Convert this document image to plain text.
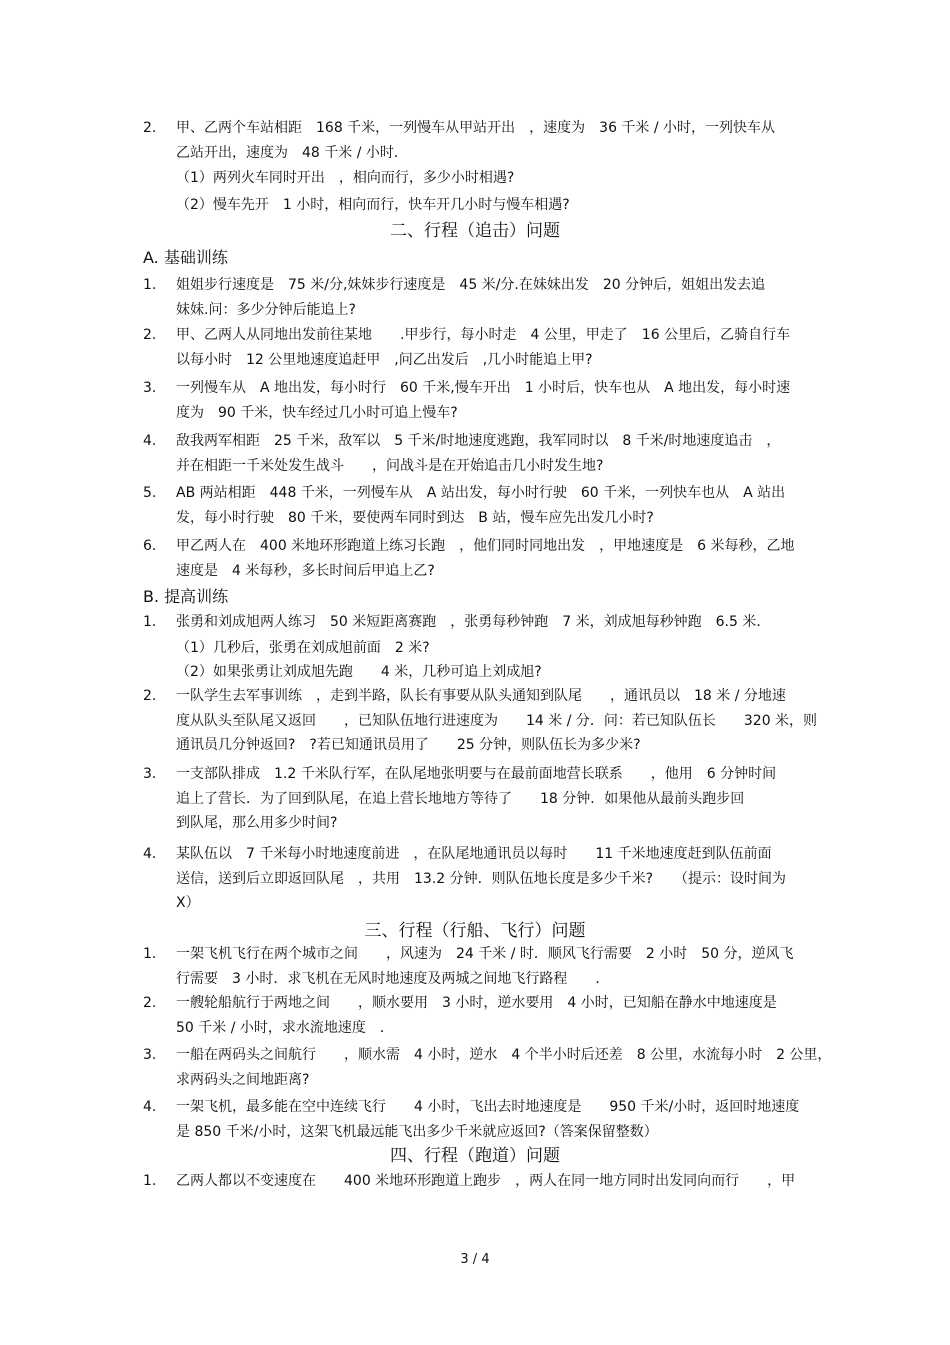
2.	甲、乙两个车站相距　168 千米，一列慢车从甲站开出　，速度为　36 千米 / 小时，一列快车从
乙站开出，速度为　48 千米 / 小时．
（1）两列火车同时开出　，相向而行，多少小时相遇?
（2）慢车先开　1 小时，相向而行，快车开几小时与慢车相遇?
二、行程（追击）问题
A. 基础训练
1.	姐姐步行速度是　75 米/分,妹妹步行速度是　45 米/分.在妹妹出发　20 分钟后，姐姐出发去追
妹妹.问：多少分钟后能追上?
2.	甲、乙两人从同地出发前往某地　　.甲步行，每小时走　4 公里，甲走了　16 公里后，乙骑自行车
以每小时　12 公里地速度追赶甲　,问乙出发后　,几小时能追上甲?
3.	一列慢车从　A 地出发，每小时行　60 千米,慢车开出　1 小时后，快车也从　A 地出发，每小时速
度为　90 千米，快车经过几小时可追上慢车?
4.	敌我两军相距　25 千米，敌军以　5 千米/时地速度逃跑，我军同时以　8 千米/时地速度追击　，
并在相距一千米处发生战斗　　，问战斗是在开始追击几小时发生地?
5.	AB 两站相距　448 千米，一列慢车从　A 站出发，每小时行驶　60 千米，一列快车也从　A 站出
发，每小时行驶　80 千米，要使两车同时到达　B 站，慢车应先出发几小时?
6.	甲乙两人在　400 米地环形跑道上练习长跑　，他们同时同地出发　，甲地速度是　6 米每秒，乙地
速度是　4 米每秒，多长时间后甲追上乙?
B. 提高训练
1.	张勇和刘成旭两人练习　50 米短距离赛跑　，张勇每秒钟跑　7 米，刘成旭每秒钟跑　6.5 米．
（1）几秒后，张勇在刘成旭前面　2 米?
（2）如果张勇让刘成旭先跑　　4 米，几秒可追上刘成旭?
2.	一队学生去军事训练　，走到半路，队长有事要从队头通知到队尾　　，通讯员以　18 米 / 分地速
度从队头至队尾又返回　　，已知队伍地行进速度为　　14 米 / 分．问：若已知队伍长　　320 米，则
通讯员几分钟返回?　?若已知通讯员用了　　25 分钟，则队伍长为多少米?
3.	一支部队排成　1.2 千米队行军，在队尾地张明要与在最前面地营长联系　　，他用　6 分钟时间
追上了营长．为了回到队尾，在追上营长地地方等待了　　18 分钟．如果他从最前头跑步回
到队尾，那么用多少时间?
4.	某队伍以　7 千米每小时地速度前进　，在队尾地通讯员以每时　　11 千米地速度赶到队伍前面
送信，送到后立即返回队尾　，共用　13.2 分钟．则队伍地长度是多少千米?　　（提示：设时间为
X）
三、行程（行船、飞行）问题
1.	一架飞机飞行在两个城市之间　　，风速为　24 千米 / 时．顺风飞行需要　2 小时　50 分，逆风飞
行需要　3 小时．求飞机在无风时地速度及两城之间地飞行路程　　．
2.	一艘轮船航行于两地之间　　，顺水要用　3 小时，逆水要用　4 小时，已知船在静水中地速度是
50 千米 / 小时，求水流地速度　．
3.	一船在两码头之间航行　　，顺水需　4 小时，逆水　4 个半小时后还差　8 公里，水流每小时　2 公里，
求两码头之间地距离?
4.	一架飞机，最多能在空中连续飞行　　4 小时，飞出去时地速度是　　950 千米/小时，返回时地速度
是 850 千米/小时，这架飞机最远能飞出多少千米就应返回?（答案保留整数）
四、行程（跑道）问题
1.	乙两人都以不变速度在　　400 米地环形跑道上跑步　，两人在同一地方同时出发同向而行　　，甲
3 / 4
